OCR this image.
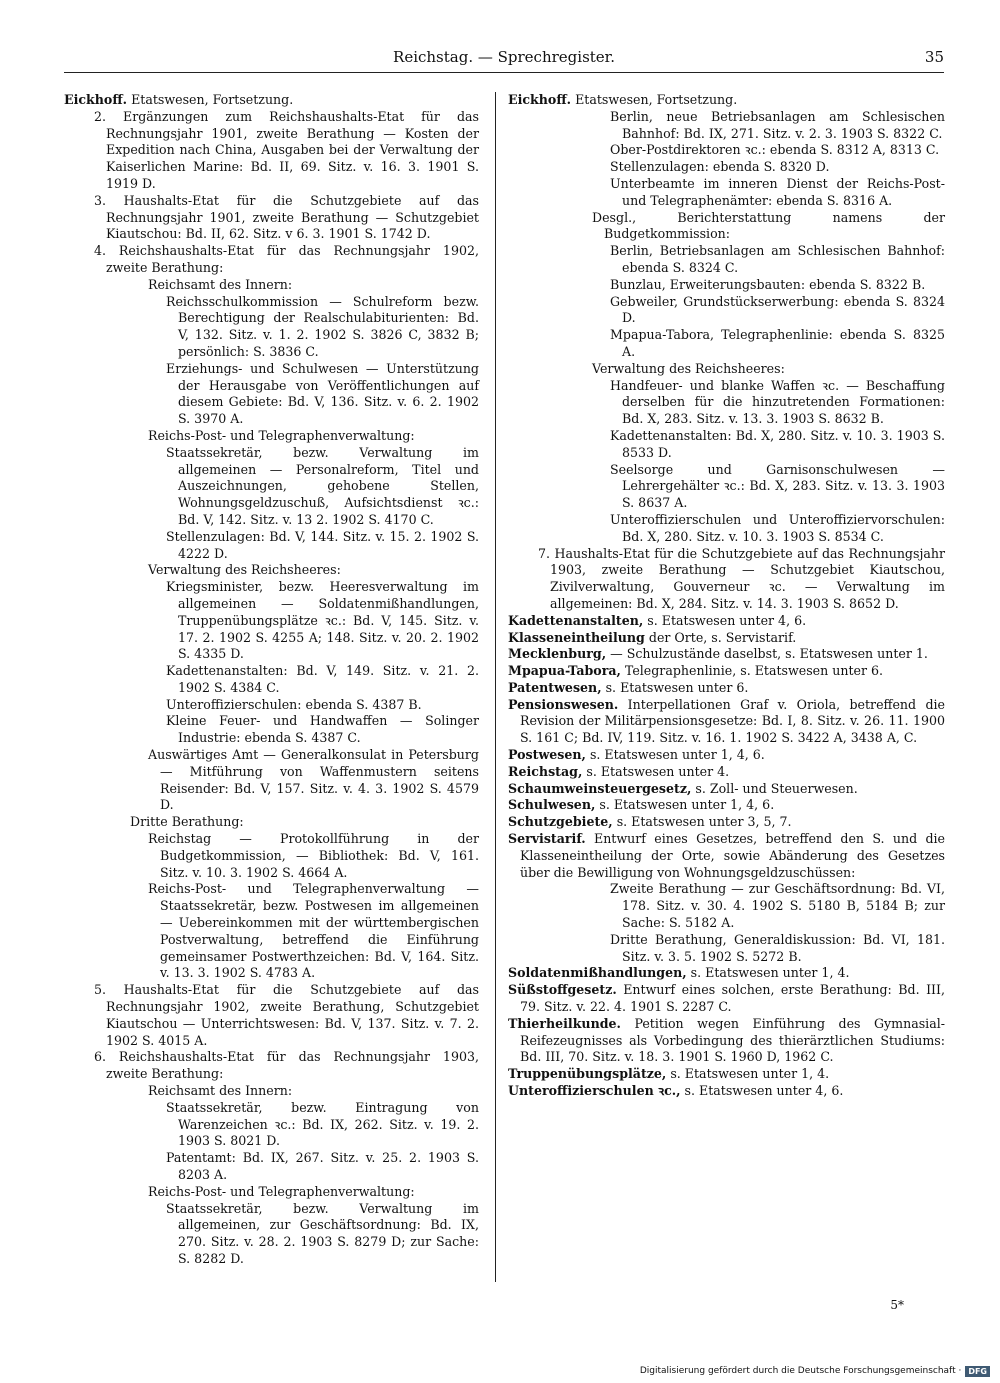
Reichstag. — Sprechregister.	35

Eickhoff. Etatswesen, Fortsetzung.

2. Ergänzungen zum Reichshaushalts-Etat für das Rechnungsjahr 1901, zweite Berathung — Kosten der Expedition nach China, Ausgaben bei der Verwaltung der Kaiserlichen Marine: Bd. II, 69. Sitz. v. 16. 3. 1901 S. 1919 D.

3. Haushalts-Etat für die Schutzgebiete auf das Rechnungsjahr 1901, zweite Berathung — Schutzgebiet Kiautschou: Bd. II, 62. Sitz. v 6. 3. 1901 S. 1742 D.

4. Reichshaushalts-Etat für das Rechnungsjahr 1902, zweite Berathung:

Reichsamt des Innern:

Reichsschulkommission — Schulreform bezw. Berechtigung der Realschulabiturienten: Bd. V, 132. Sitz. v. 1. 2. 1902 S. 3826 C, 3832 B; persönlich: S. 3836 C.

Erziehungs- und Schulwesen — Unterstützung der Herausgabe von Veröffentlichungen auf diesem Gebiete: Bd. V, 136. Sitz. v. 6. 2. 1902 S. 3970 A.

Reichs-Post- und Telegraphenverwaltung:

Staatssekretär, bezw. Verwaltung im allgemeinen — Personalreform, Titel und Auszeichnungen, gehobene Stellen, Wohnungsgeldzuschuß, Aufsichtsdienst ꝛc.: Bd. V, 142. Sitz. v. 13 2. 1902 S. 4170 C.

Stellenzulagen: Bd. V, 144. Sitz. v. 15. 2. 1902 S. 4222 D.

Verwaltung des Reichsheeres:

Kriegsminister, bezw. Heeresverwaltung im allgemeinen — Soldatenmißhandlungen, Truppenübungsplätze ꝛc.: Bd. V, 145. Sitz. v. 17. 2. 1902 S. 4255 A; 148. Sitz. v. 20. 2. 1902 S. 4335 D.

Kadettenanstalten: Bd. V, 149. Sitz. v. 21. 2. 1902 S. 4384 C.

Unteroffizierschulen: ebenda S. 4387 B.

Kleine Feuer- und Handwaffen — Solinger Industrie: ebenda S. 4387 C.

Auswärtiges Amt — Generalkonsulat in Petersburg — Mitführung von Waffenmustern seitens Reisender: Bd. V, 157. Sitz. v. 4. 3. 1902 S. 4579 D.

Dritte Berathung:

Reichstag — Protokollführung in der Budgetkommission, — Bibliothek: Bd. V, 161. Sitz. v. 10. 3. 1902 S. 4664 A.

Reichs-Post- und Telegraphenverwaltung — Staatssekretär, bezw. Postwesen im allgemeinen — Uebereinkommen mit der württembergischen Postverwaltung, betreffend die Einführung gemeinsamer Postwerthzeichen: Bd. V, 164. Sitz. v. 13. 3. 1902 S. 4783 A.

5. Haushalts-Etat für die Schutzgebiete auf das Rechnungsjahr 1902, zweite Berathung, Schutzgebiet Kiautschou — Unterrichtswesen: Bd. V, 137. Sitz. v. 7. 2. 1902 S. 4015 A.

6. Reichshaushalts-Etat für das Rechnungsjahr 1903, zweite Berathung:

Reichsamt des Innern:

Staatssekretär, bezw. Eintragung von Warenzeichen ꝛc.: Bd. IX, 262. Sitz. v. 19. 2. 1903 S. 8021 D.

Patentamt: Bd. IX, 267. Sitz. v. 25. 2. 1903 S. 8203 A.

Reichs-Post- und Telegraphenverwaltung:

Staatssekretär, bezw. Verwaltung im allgemeinen, zur Geschäftsordnung: Bd. IX, 270. Sitz. v. 28. 2. 1903 S. 8279 D; zur Sache: S. 8282 D.

Eickhoff. Etatswesen, Fortsetzung.

Berlin, neue Betriebsanlagen am Schlesischen Bahnhof: Bd. IX, 271. Sitz. v. 2. 3. 1903 S. 8322 C.

Ober-Postdirektoren ꝛc.: ebenda S. 8312 A, 8313 C.

Stellenzulagen: ebenda S. 8320 D.

Unterbeamte im inneren Dienst der Reichs-Post- und Telegraphenämter: ebenda S. 8316 A.

Desgl., Berichterstattung namens der Budgetkommission:

Berlin, Betriebsanlagen am Schlesischen Bahnhof: ebenda S. 8324 C.

Bunzlau, Erweiterungsbauten: ebenda S. 8322 B.

Gebweiler, Grundstückserwerbung: ebenda S. 8324 D.

Mpapua-Tabora, Telegraphenlinie: ebenda S. 8325 A.

Verwaltung des Reichsheeres:

Handfeuer- und blanke Waffen ꝛc. — Beschaffung derselben für die hinzutretenden Formationen: Bd. X, 283. Sitz. v. 13. 3. 1903 S. 8632 B.

Kadettenanstalten: Bd. X, 280. Sitz. v. 10. 3. 1903 S. 8533 D.

Seelsorge und Garnisonschulwesen — Lehrergehälter ꝛc.: Bd. X, 283. Sitz. v. 13. 3. 1903 S. 8637 A.

Unteroffizierschulen und Unteroffiziervorschulen: Bd. X, 280. Sitz. v. 10. 3. 1903 S. 8534 C.

7. Haushalts-Etat für die Schutzgebiete auf das Rechnungsjahr 1903, zweite Berathung — Schutzgebiet Kiautschou, Zivilverwaltung, Gouverneur ꝛc. — Verwaltung im allgemeinen: Bd. X, 284. Sitz. v. 14. 3. 1903 S. 8652 D.

Kadettenanstalten, s. Etatswesen unter 4, 6.

Klasseneintheilung der Orte, s. Servistarif.

Mecklenburg, — Schulzustände daselbst, s. Etatswesen unter 1.

Mpapua-Tabora, Telegraphenlinie, s. Etatswesen unter 6.

Patentwesen, s. Etatswesen unter 6.

Pensionswesen. Interpellationen Graf v. Oriola, betreffend die Revision der Militärpensionsgesetze: Bd. I, 8. Sitz. v. 26. 11. 1900 S. 161 C; Bd. IV, 119. Sitz. v. 16. 1. 1902 S. 3422 A, 3438 A, C.

Postwesen, s. Etatswesen unter 1, 4, 6.

Reichstag, s. Etatswesen unter 4.

Schaumweinsteuergesetz, s. Zoll- und Steuerwesen.

Schulwesen, s. Etatswesen unter 1, 4, 6.

Schutzgebiete, s. Etatswesen unter 3, 5, 7.

Servistarif. Entwurf eines Gesetzes, betreffend den S. und die Klasseneintheilung der Orte, sowie Abänderung des Gesetzes über die Bewilligung von Wohnungsgeldzuschüssen:

Zweite Berathung — zur Geschäftsordnung: Bd. VI, 178. Sitz. v. 30. 4. 1902 S. 5180 B, 5184 B; zur Sache: S. 5182 A.

Dritte Berathung, Generaldiskussion: Bd. VI, 181. Sitz. v. 3. 5. 1902 S. 5272 B.

Soldatenmißhandlungen, s. Etatswesen unter 1, 4.

Süßstoffgesetz. Entwurf eines solchen, erste Berathung: Bd. III, 79. Sitz. v. 22. 4. 1901 S. 2287 C.

Thierheilkunde. Petition wegen Einführung des Gymnasial-Reifezeugnisses als Vorbedingung des thierärztlichen Studiums: Bd. III, 70. Sitz. v. 18. 3. 1901 S. 1960 D, 1962 C.

Truppenübungsplätze, s. Etatswesen unter 1, 4.

Unteroffizierschulen ꝛc., s. Etatswesen unter 4, 6.

5*
Digitalisierung gefördert durch die Deutsche Forschungsgemeinschaft · DFG
